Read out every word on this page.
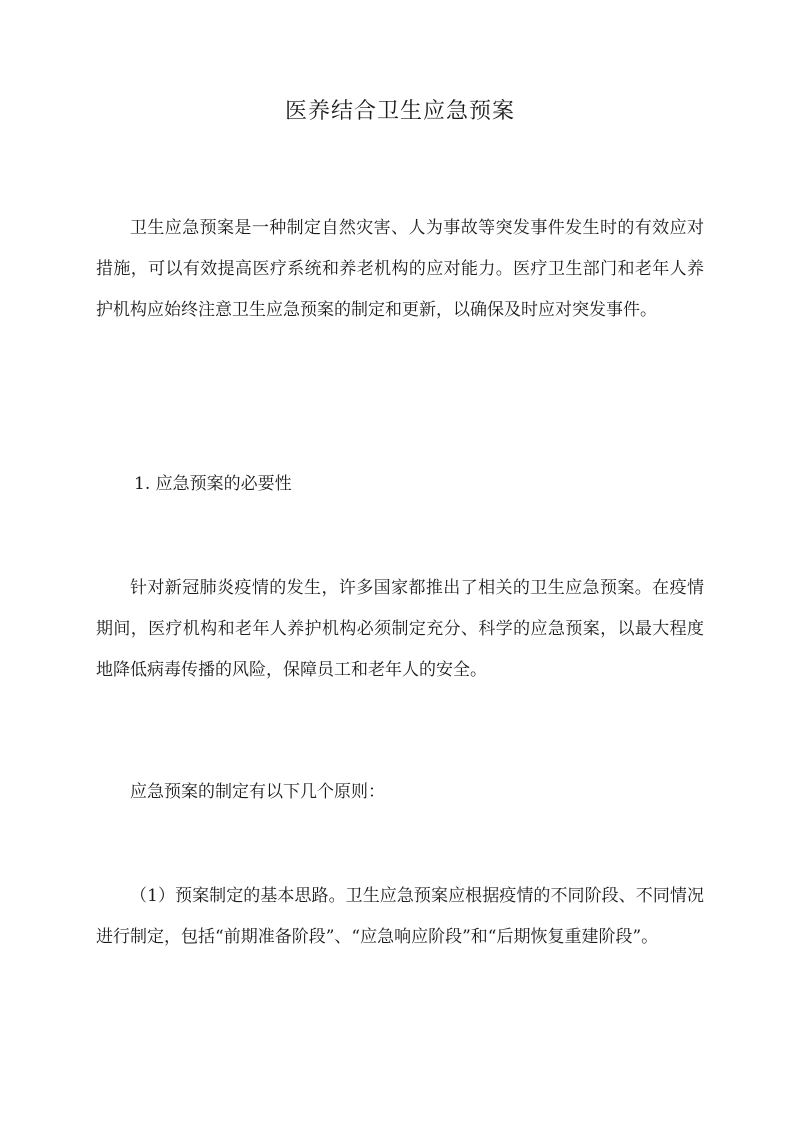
医养结合卫生应急预案

卫生应急预案是一种制定自然灾害、人为事故等突发事件发生时的有效应对措施，可以有效提高医疗系统和养老机构的应对能力。医疗卫生部门和老年人养护机构应始终注意卫生应急预案的制定和更新，以确保及时应对突发事件。

1. 应急预案的必要性

针对新冠肺炎疫情的发生，许多国家都推出了相关的卫生应急预案。在疫情期间，医疗机构和老年人养护机构必须制定充分、科学的应急预案，以最大程度地降低病毒传播的风险，保障员工和老年人的安全。

应急预案的制定有以下几个原则：

（1）预案制定的基本思路。卫生应急预案应根据疫情的不同阶段、不同情况进行制定，包括“前期准备阶段”、“应急响应阶段”和“后期恢复重建阶段”。
